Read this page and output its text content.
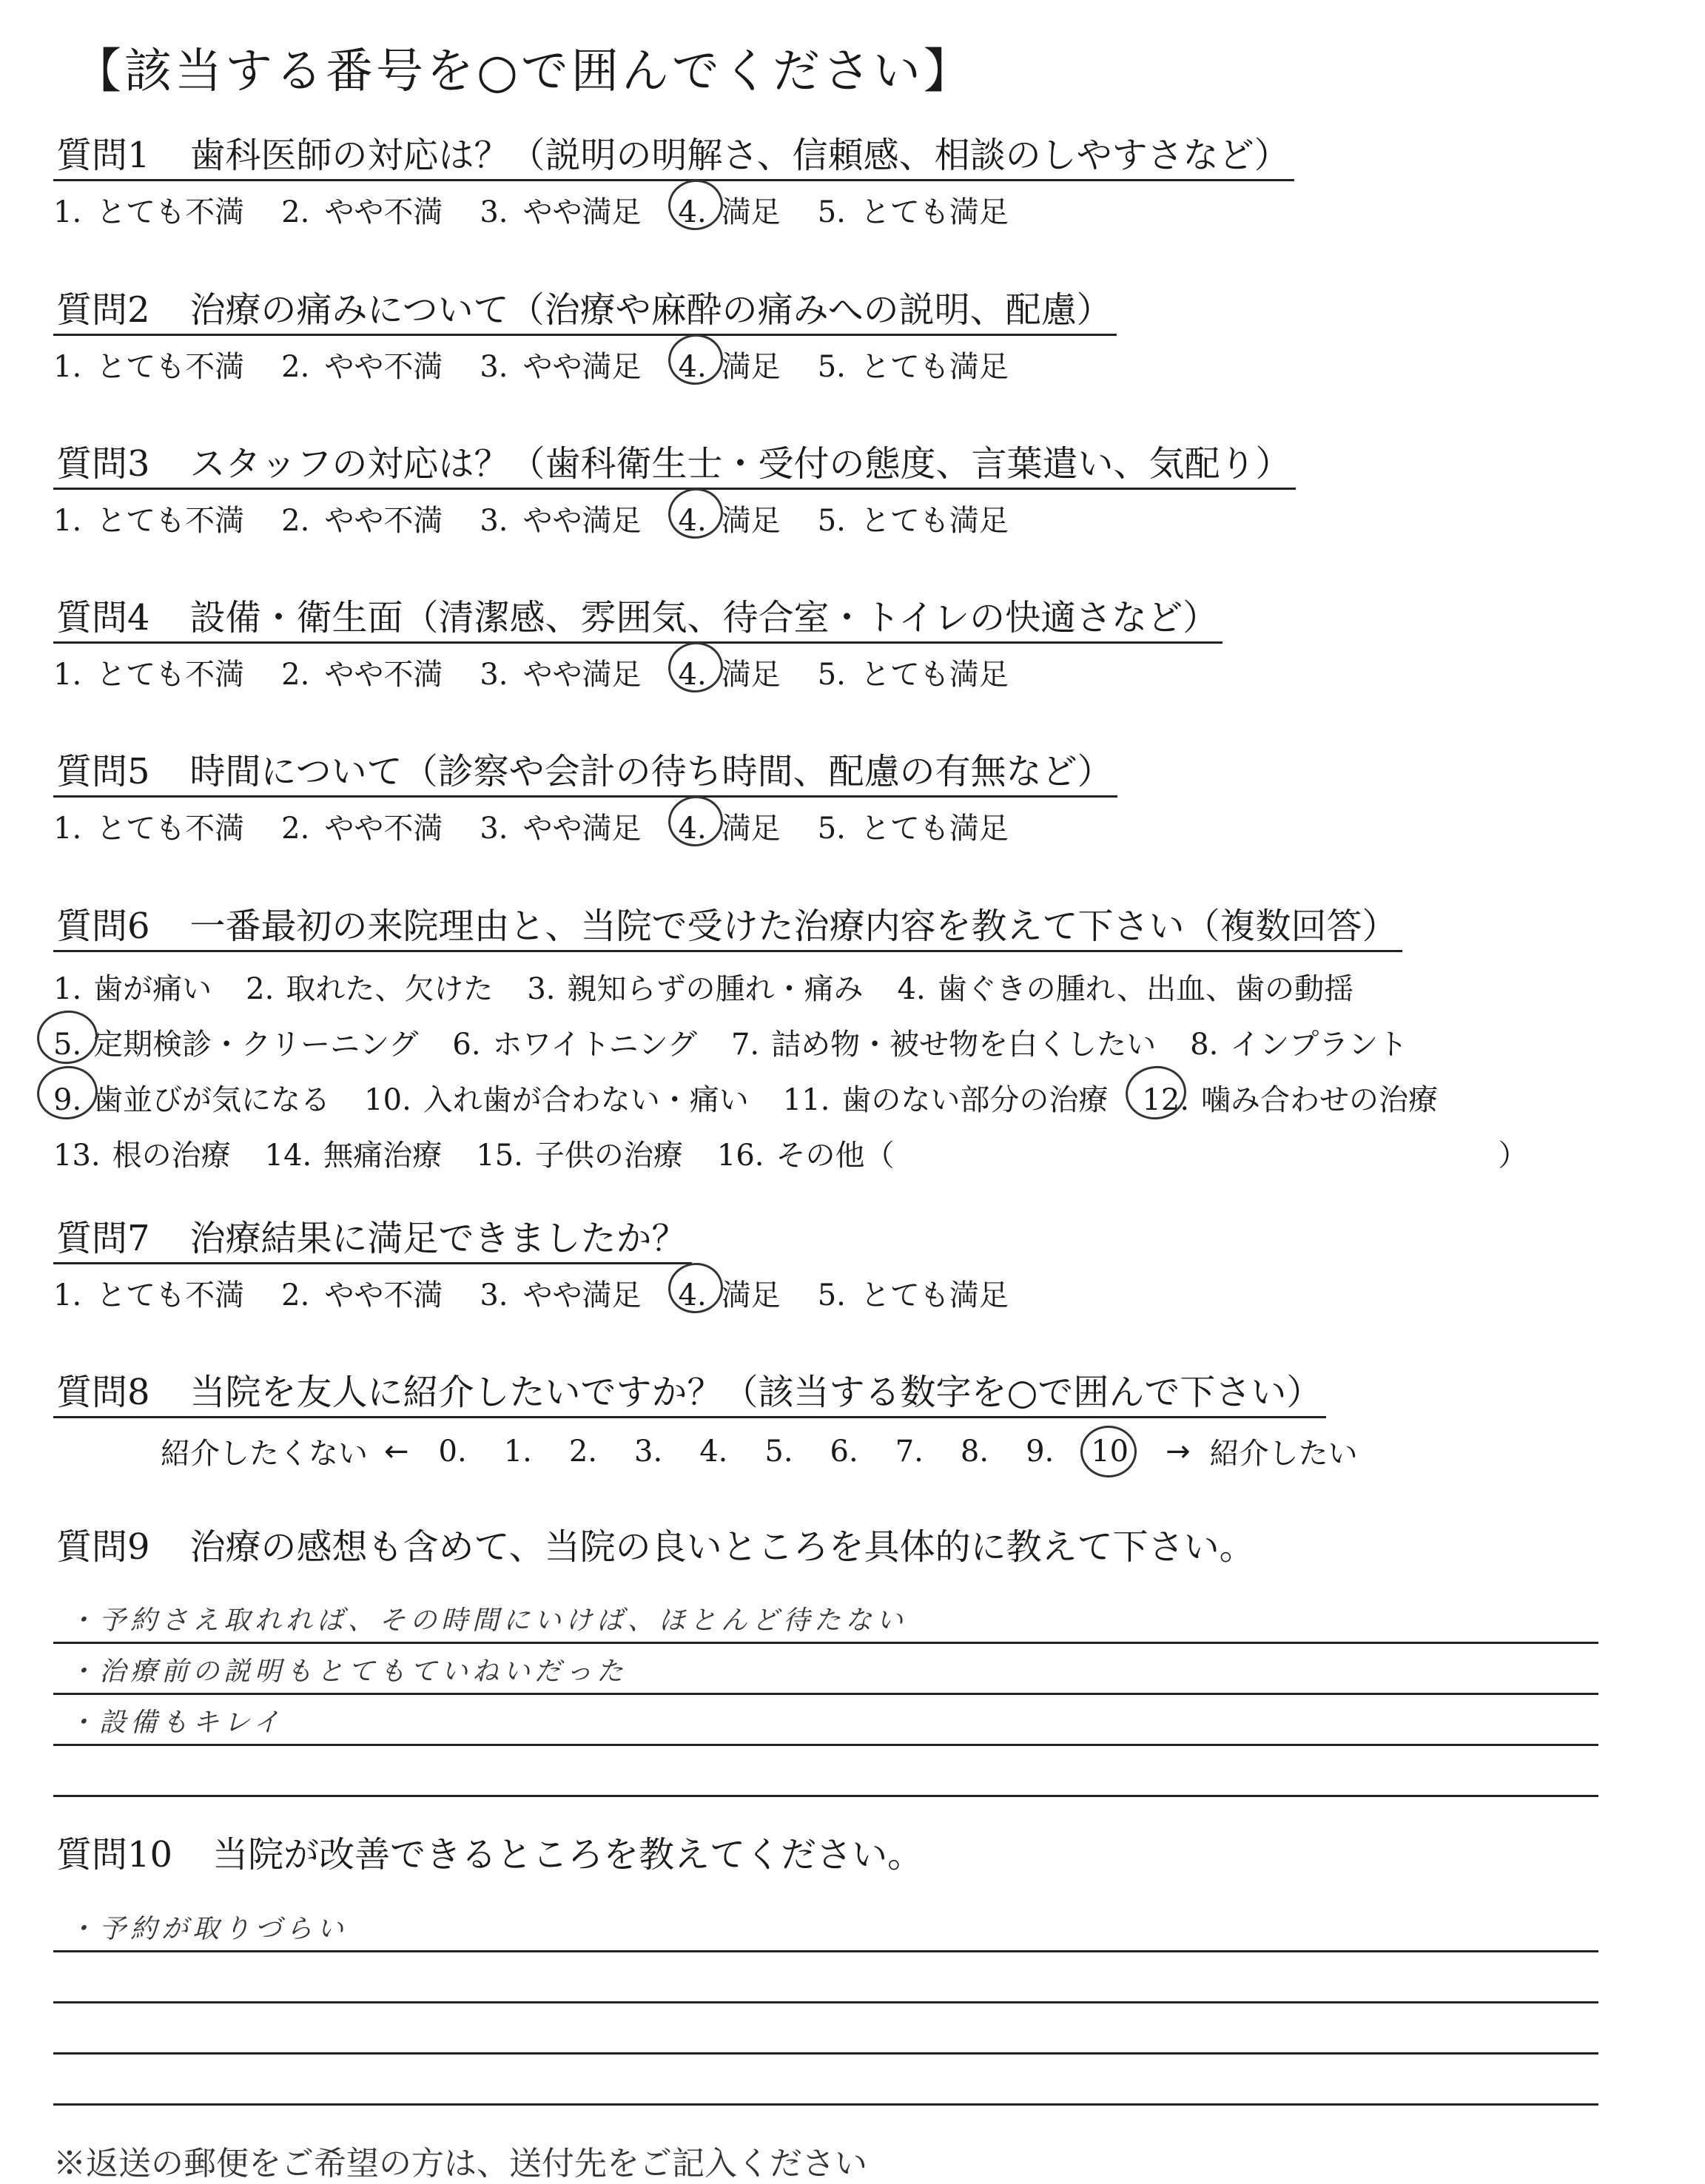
【該当する番号を○で囲んでください】
質問1 歯科医師の対応は？（説明の明解さ、信頼感、相談のしやすさなど）
1. とても不満 2. やや不満 3. やや満足 4. 満足 5. とても満足
質問2 治療の痛みについて（治療や麻酔の痛みへの説明、配慮）
1. とても不満 2. やや不満 3. やや満足 4. 満足 5. とても満足
質問3 スタッフの対応は？（歯科衛生士・受付の態度、言葉遣い、気配り）
1. とても不満 2. やや不満 3. やや満足 4. 満足 5. とても満足
質問4 設備・衛生面（清潔感、雰囲気、待合室・トイレの快適さなど）
1. とても不満 2. やや不満 3. やや満足 4. 満足 5. とても満足
質問5 時間について（診察や会計の待ち時間、配慮の有無など）
1. とても不満 2. やや不満 3. やや満足 4. 満足 5. とても満足
質問6 一番最初の来院理由と、当院で受けた治療内容を教えて下さい（複数回答）
1. 歯が痛い 2. 取れた、欠けた 3. 親知らずの腫れ・痛み 4. 歯ぐきの腫れ、出血、歯の動揺
5. 定期検診・クリーニング 6. ホワイトニング 7. 詰め物・被せ物を白くしたい 8. インプラント
9. 歯並びが気になる 10. 入れ歯が合わない・痛い 11. 歯のない部分の治療 12. 噛み合わせの治療
13. 根の治療 14. 無痛治療 15. 子供の治療 16. その他（	）
質問7 治療結果に満足できましたか？
1. とても不満 2. やや不満 3. やや満足 4. 満足 5. とても満足
質問8 当院を友人に紹介したいですか？（該当する数字を○で囲んで下さい）
紹介したくない ← 0. 1. 2. 3. 4. 5. 6. 7. 8. 9. 10 → 紹介したい
質問9 治療の感想も含めて、当院の良いところを具体的に教えて下さい。
・予約さえ取れれば、その時間にいけば、ほとんど待たない
・治療前の説明もとてもていねいだった
・設備もキレイ
質問10 当院が改善できるところを教えてください。
・予約が取りづらい
※返送の郵便をご希望の方は、送付先をご記入ください
